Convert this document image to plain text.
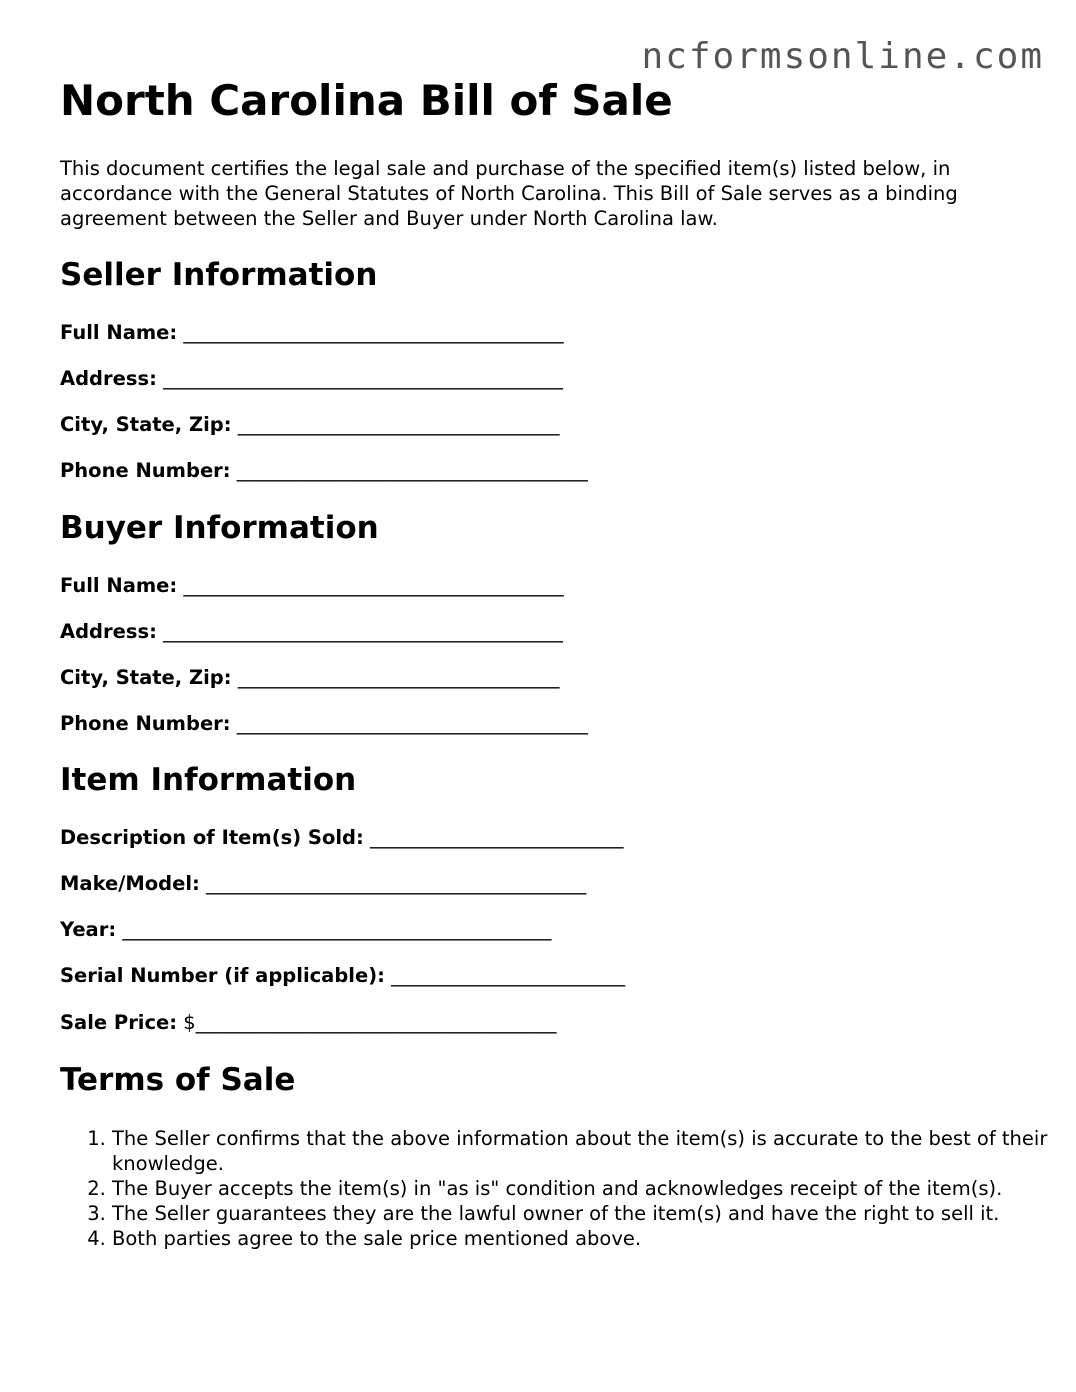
ncformsonline.com
North Carolina Bill of Sale

This document certifies the legal sale and purchase of the specified item(s) listed below, in accordance with the General Statutes of North Carolina. This Bill of Sale serves as a binding agreement between the Seller and Buyer under North Carolina law.

Seller Information

Full Name: _______________________________________

Address: _________________________________________

City, State, Zip: _________________________________

Phone Number: ____________________________________

Buyer Information

Full Name: _______________________________________

Address: _________________________________________

City, State, Zip: _________________________________

Phone Number: ____________________________________

Item Information

Description of Item(s) Sold: __________________________

Make/Model: _______________________________________

Year: ____________________________________________

Serial Number (if applicable): ________________________

Sale Price: $_____________________________________

Terms of Sale
1. The Seller confirms that the above information about the item(s) is accurate to the best of their knowledge.
2. The Buyer accepts the item(s) in "as is" condition and acknowledges receipt of the item(s).
3. The Seller guarantees they are the lawful owner of the item(s) and have the right to sell it.
4. Both parties agree to the sale price mentioned above.
